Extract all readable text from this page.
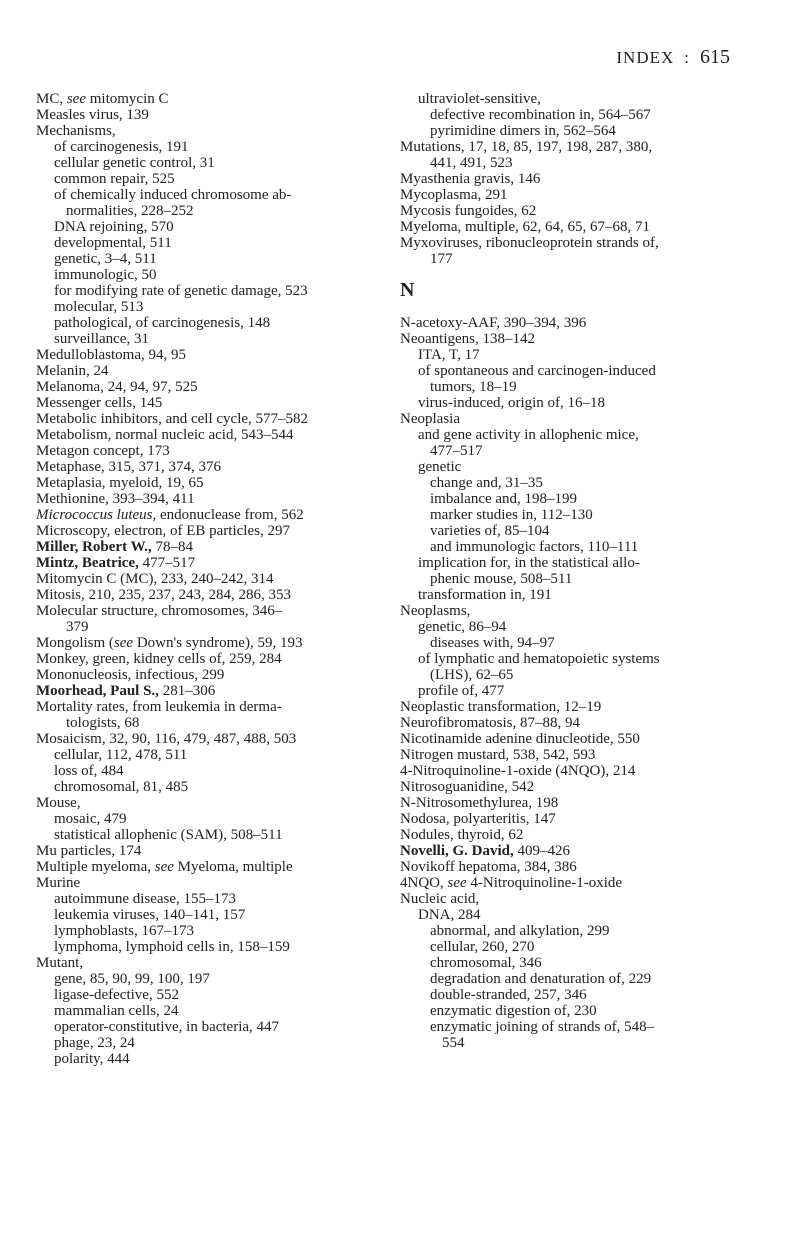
INDEX : 615
MC, see mitomycin C
Measles virus, 139
Mechanisms,
of carcinogenesis, 191
cellular genetic control, 31
common repair, 525
of chemically induced chromosome ab-
normalities, 228–252
DNA rejoining, 570
developmental, 511
genetic, 3–4, 511
immunologic, 50
for modifying rate of genetic damage, 523
molecular, 513
pathological, of carcinogenesis, 148
surveillance, 31
Medulloblastoma, 94, 95
Melanin, 24
Melanoma, 24, 94, 97, 525
Messenger cells, 145
Metabolic inhibitors, and cell cycle, 577–582
Metabolism, normal nucleic acid, 543–544
Metagon concept, 173
Metaphase, 315, 371, 374, 376
Metaplasia, myeloid, 19, 65
Methionine, 393–394, 411
Micrococcus luteus, endonuclease from, 562
Microscopy, electron, of EB particles, 297
Miller, Robert W., 78–84
Mintz, Beatrice, 477–517
Mitomycin C (MC), 233, 240–242, 314
Mitosis, 210, 235, 237, 243, 284, 286, 353
Molecular structure, chromosomes, 346–
379
Mongolism (see Down's syndrome), 59, 193
Monkey, green, kidney cells of, 259, 284
Mononucleosis, infectious, 299
Moorhead, Paul S., 281–306
Mortality rates, from leukemia in derma-
tologists, 68
Mosaicism, 32, 90, 116, 479, 487, 488, 503
cellular, 112, 478, 511
loss of, 484
chromosomal, 81, 485
Mouse,
mosaic, 479
statistical allophenic (SAM), 508–511
Mu particles, 174
Multiple myeloma, see Myeloma, multiple
Murine
autoimmune disease, 155–173
leukemia viruses, 140–141, 157
lymphoblasts, 167–173
lymphoma, lymphoid cells in, 158–159
Mutant,
gene, 85, 90, 99, 100, 197
ligase-defective, 552
mammalian cells, 24
operator-constitutive, in bacteria, 447
phage, 23, 24
polarity, 444
ultraviolet-sensitive,
defective recombination in, 564–567
pyrimidine dimers in, 562–564
Mutations, 17, 18, 85, 197, 198, 287, 380,
441, 491, 523
Myasthenia gravis, 146
Mycoplasma, 291
Mycosis fungoides, 62
Myeloma, multiple, 62, 64, 65, 67–68, 71
Myxoviruses, ribonucleoprotein strands of,
177
N
N-acetoxy-AAF, 390–394, 396
Neoantigens, 138–142
ITA, T, 17
of spontaneous and carcinogen-induced
tumors, 18–19
virus-induced, origin of, 16–18
Neoplasia
and gene activity in allophenic mice,
477–517
genetic
change and, 31–35
imbalance and, 198–199
marker studies in, 112–130
varieties of, 85–104
and immunologic factors, 110–111
implication for, in the statistical allo-
phenic mouse, 508–511
transformation in, 191
Neoplasms,
genetic, 86–94
diseases with, 94–97
of lymphatic and hematopoietic systems
(LHS), 62–65
profile of, 477
Neoplastic transformation, 12–19
Neurofibromatosis, 87–88, 94
Nicotinamide adenine dinucleotide, 550
Nitrogen mustard, 538, 542, 593
4-Nitroquinoline-1-oxide (4NQO), 214
Nitrosoguanidine, 542
N-Nitrosomethylurea, 198
Nodosa, polyarteritis, 147
Nodules, thyroid, 62
Novelli, G. David, 409–426
Novikoff hepatoma, 384, 386
4NQO, see 4-Nitroquinoline-1-oxide
Nucleic acid,
DNA, 284
abnormal, and alkylation, 299
cellular, 260, 270
chromosomal, 346
degradation and denaturation of, 229
double-stranded, 257, 346
enzymatic digestion of, 230
enzymatic joining of strands of, 548–
554
